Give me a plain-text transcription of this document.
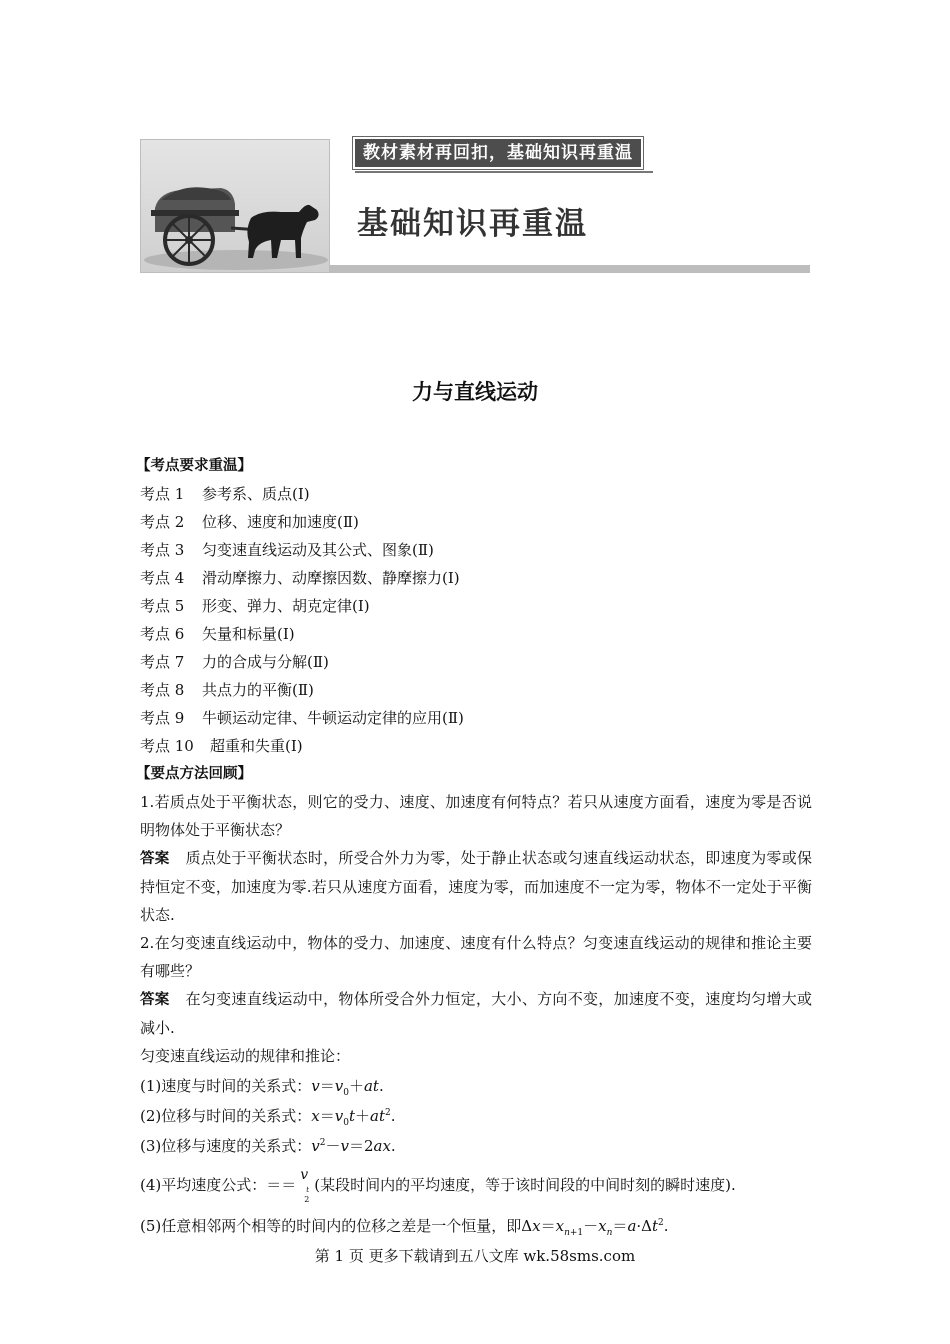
教材素材再回扣，基础知识再重温
基础知识再重温
力与直线运动
【考点要求重温】
考点 1 参考系、质点(Ⅰ)
考点 2 位移、速度和加速度(Ⅱ)
考点 3 匀变速直线运动及其公式、图象(Ⅱ)
考点 4 滑动摩擦力、动摩擦因数、静摩擦力(Ⅰ)
考点 5 形变、弹力、胡克定律(Ⅰ)
考点 6 矢量和标量(Ⅰ)
考点 7 力的合成与分解(Ⅱ)
考点 8 共点力的平衡(Ⅱ)
考点 9 牛顿运动定律、牛顿运动定律的应用(Ⅱ)
考点 10 超重和失重(Ⅰ)
【要点方法回顾】

1.若质点处于平衡状态，则它的受力、速度、加速度有何特点？若只从速度方面看，速度为零是否说明物体处于平衡状态？

答案 质点处于平衡状态时，所受合外力为零，处于静止状态或匀速直线运动状态，即速度为零或保持恒定不变，加速度为零.若只从速度方面看，速度为零，而加速度不一定为零，物体不一定处于平衡状态.

2.在匀变速直线运动中，物体的受力、加速度、速度有什么特点？匀变速直线运动的规律和推论主要有哪些？

答案 在匀变速直线运动中，物体所受合外力恒定，大小、方向不变，加速度不变，速度均匀增大或减小.

匀变速直线运动的规律和推论：

(1)速度与时间的关系式：$v=v_0+at$.
(2)位移与时间的关系式：$x=v_0t+at^2$.
(3)位移与速度的关系式：$v^2-v=2ax$.
(4)平均速度公式：＝＝
v
t
2
(某段时间内的平均速度，等于该时间段的中间时刻的瞬时速度).
(5)任意相邻两个相等的时间内的位移之差是一个恒量，即$\Delta x=x_{n+1}-x_n=a\cdot\Delta t^2$.
第 1 页 更多下载请到五八文库 wk.58sms.com
